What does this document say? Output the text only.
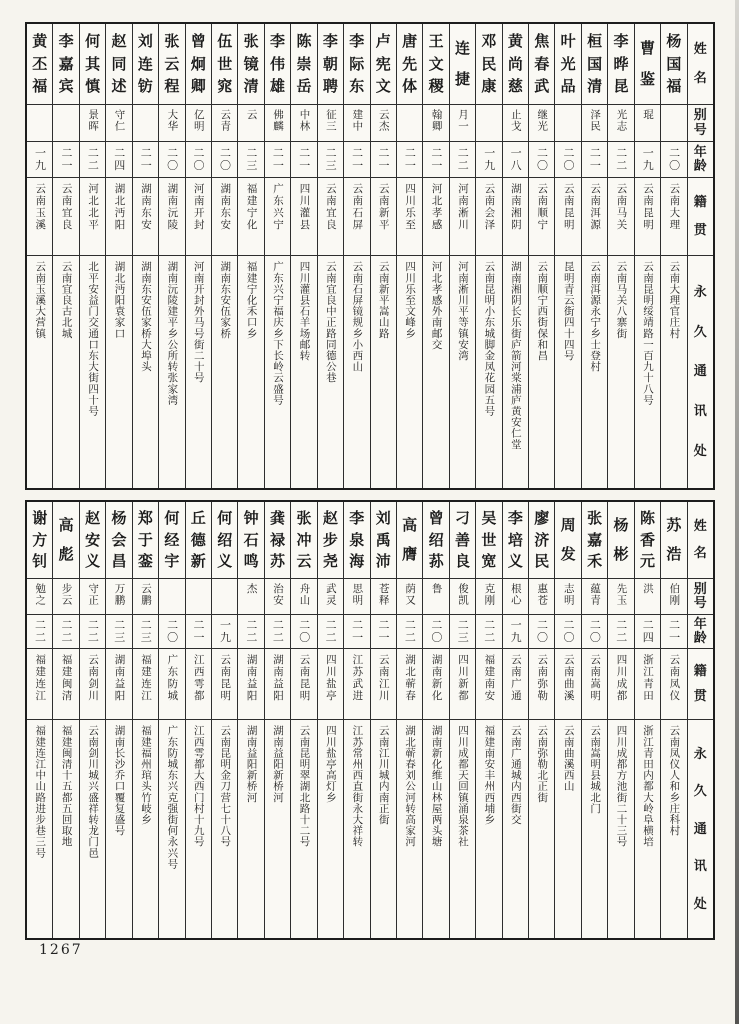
姓
名
别
号
年
龄
籍
贯
永
久
通
讯
处
杨
国
福
二〇
云南大理
云南大理官庄村
曹
鉴
琨
一九
云南昆明
云南昆明绥靖路一百九十八号
李
晔
昆
光志
二二
云南马关
云南马关八寨街
桓
国
清
泽民
二一
云南洱源
云南洱源永宁乡士登村
叶
光
品
二〇
云南昆明
昆明青云街四十四号
焦
春
武
继光
二〇
云南顺宁
云南顺宁西街保和昌
黄
尚
慈
止戈
一八
湖南湘阴
湖南湘阴长乐街庐箭河棠浦庐黄安仁堂
邓
民
康
一九
云南会泽
云南昆明小东城脚金凤花园五号
连
捷
月一
二二
河南淅川
河南淅川平等镇安湾
王
文
稷
翰卿
二一
河北孝感
河北孝感外南邮交
唐
先
体
二一
四川乐至
四川乐至文峰乡
卢
宪
文
云杰
二一
云南新平
云南新平嵩山路
李
际
东
建中
二一
云南石屏
云南石屏镜规乡小西山
李
朝
聘
征三
二三
云南宜良
云南宜良中正路同德公巷
陈
崇
岳
中林
二一
四川灌县
四川灌县石羊场邮转
李
伟
雄
佛麟
二一
广东兴宁
广东兴宁福庆乡下长岭云盛号
张
镜
清
云
二三
福建宁化
福建宁化禾口乡
伍
世
窕
云青
二〇
湖南东安
湖南东安伍家桥
曾
炯
卿
亿明
二〇
河南开封
河南开封外马号街二十号
张
云
程
大华
二〇
湖南沅陵
湖南沅陵建平乡公所转张家湾
刘
连
钫
二一
湖南东安
湖南东安伍家桥大埠头
赵
同
述
守仁
二四
湖北沔阳
湖北沔阳袁家口
何
其
慎
景晖
二二
河北北平
北平安益门交通口东大街四十号
李
嘉
宾
二一
云南宜良
云南宜良古北城
黄
丕
福
一九
云南玉溪
云南玉溪大营镇
姓
名
别
号
年
龄
籍
贯
永
久
通
讯
处
苏
浩
伯刚
二一
云南凤仪
云南凤仪人和乡庄科村
陈
香
元
洪
二四
浙江青田
浙江青田内都大岭阜横培
杨
彬
先玉
二二
四川成都
四川成都方池街二十三号
张
嘉
禾
蕴青
二〇
云南嵩明
云南嵩明县城北门
周
发
志明
二〇
云南曲溪
云南曲溪西山
廖
济
民
惠苍
二〇
云南弥勒
云南弥勒北正街
李
培
义
根心
一九
云南广通
云南广通城内西街交
吴
世
宽
克刚
二二
福建南安
福建南安丰州西埔乡
刁
善
良
俊凯
二三
四川新都
四川成都天回镇涌泉茶社
曾
绍
荪
鲁
二〇
湖南新化
湖南新化维山林屋两头塘
高
膺
荫又
二二
湖北蕲春
湖北蕲春刘公河转高家河
刘
禹
沛
苍释
二一
云南江川
云南江川城内南正街
李
泉
海
思明
二一
江苏武进
江苏常州西直街永大祥转
赵
步
尧
武灵
二二
四川盐亭
四川盐亭高灯乡
张
冲
云
舟山
二〇
云南昆明
云南昆明翠湖北路十二号
龚
禄
苏
治安
二二
湖南益阳
湖南益阳新桥河
钟
石
鸣
杰
二二
湖南益阳
湖南益阳新桥河
何
绍
义
一九
云南昆明
云南昆明金刀营七十八号
丘
德
新
二一
江西雩都
江西雩都大西门村十九号
何
经
宇
二〇
广东防城
广东防城东兴克强街何永兴号
郑
于
銮
云鹏
二三
福建连江
福建福州琯头竹岐乡
杨
会
昌
万鹏
二三
湖南益阳
湖南长沙乔口覆复盛号
赵
安
义
守正
二二
云南剑川
云南剑川城兴盛祥转龙门邑
高
彪
步云
二二
福建闽清
福建闽清十五都五回取地
谢
方
钊
勉之
二二
福建连江
福建连江中山路进步巷三号
1267
